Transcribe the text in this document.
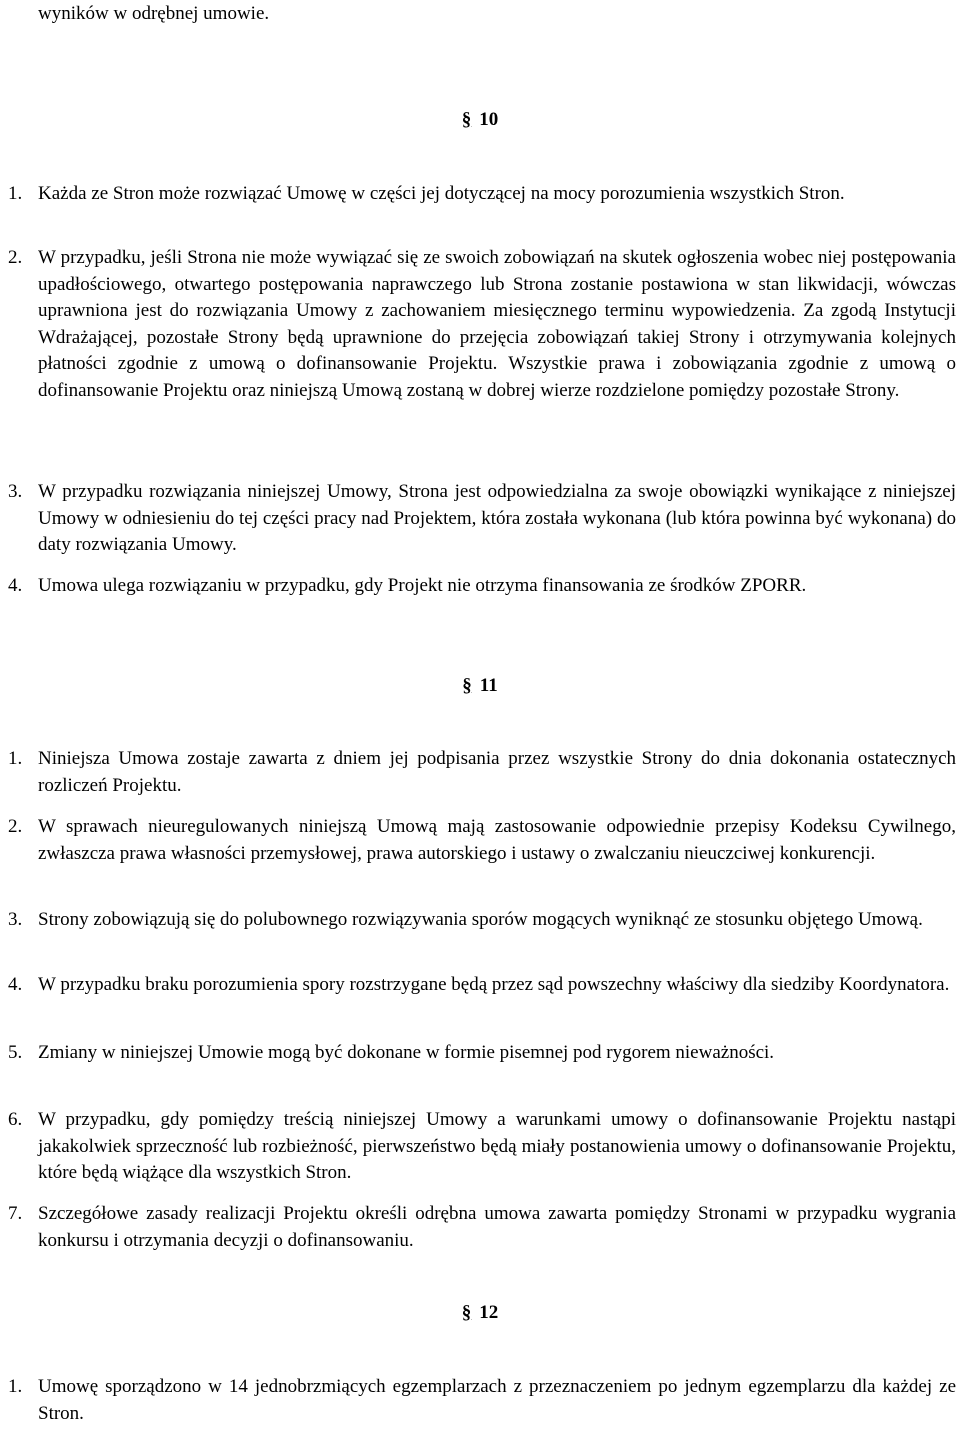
wyników w odrębnej umowie.
§ 10
1. Każda ze Stron może rozwiązać Umowę w części jej dotyczącej na mocy porozumienia wszystkich Stron.
2. W przypadku, jeśli Strona nie może wywiązać się ze swoich zobowiązań na skutek ogłoszenia wobec niej postępowania upadłościowego, otwartego postępowania naprawczego lub Strona zostanie postawiona w stan likwidacji, wówczas uprawniona jest do rozwiązania Umowy z zachowaniem miesięcznego terminu wypowiedzenia. Za zgodą Instytucji Wdrażającej, pozostałe Strony będą uprawnione do przejęcia zobowiązań takiej Strony i otrzymywania kolejnych płatności zgodnie z umową o dofinansowanie Projektu. Wszystkie prawa i zobowiązania zgodnie z umową o dofinansowanie Projektu oraz niniejszą Umową zostaną w dobrej wierze rozdzielone pomiędzy pozostałe Strony.
3. W przypadku rozwiązania niniejszej Umowy, Strona jest odpowiedzialna za swoje obowiązki wynikające z niniejszej Umowy w odniesieniu do tej części pracy nad Projektem, która została wykonana (lub która powinna być wykonana) do daty rozwiązania Umowy.
4. Umowa ulega rozwiązaniu w przypadku, gdy Projekt nie otrzyma finansowania ze środków ZPORR.
§ 11
1. Niniejsza Umowa zostaje zawarta z dniem jej podpisania przez wszystkie Strony do dnia dokonania ostatecznych rozliczeń Projektu.
2. W sprawach nieuregulowanych niniejszą Umową mają zastosowanie odpowiednie przepisy Kodeksu Cywilnego, zwłaszcza prawa własności przemysłowej, prawa autorskiego i ustawy o zwalczaniu nieuczciwej konkurencji.
3. Strony zobowiązują się do polubownego rozwiązywania sporów mogących wyniknąć ze stosunku objętego Umową.
4. W przypadku braku porozumienia spory rozstrzygane będą przez sąd powszechny właściwy dla siedziby Koordynatora.
5. Zmiany w niniejszej Umowie mogą być dokonane w formie pisemnej pod rygorem nieważności.
6. W przypadku, gdy pomiędzy treścią niniejszej Umowy a warunkami umowy o dofinansowanie Projektu nastąpi jakakolwiek sprzeczność lub rozbieżność, pierwszeństwo będą miały postanowienia umowy o dofinansowanie Projektu, które będą wiążące dla wszystkich Stron.
7. Szczegółowe zasady realizacji Projektu określi odrębna umowa zawarta pomiędzy Stronami w przypadku wygrania konkursu i otrzymania decyzji o dofinansowaniu.
§ 12
1. Umowę sporządzono w 14 jednobrzmiących egzemplarzach z przeznaczeniem po jednym egzemplarzu dla każdej ze Stron.
